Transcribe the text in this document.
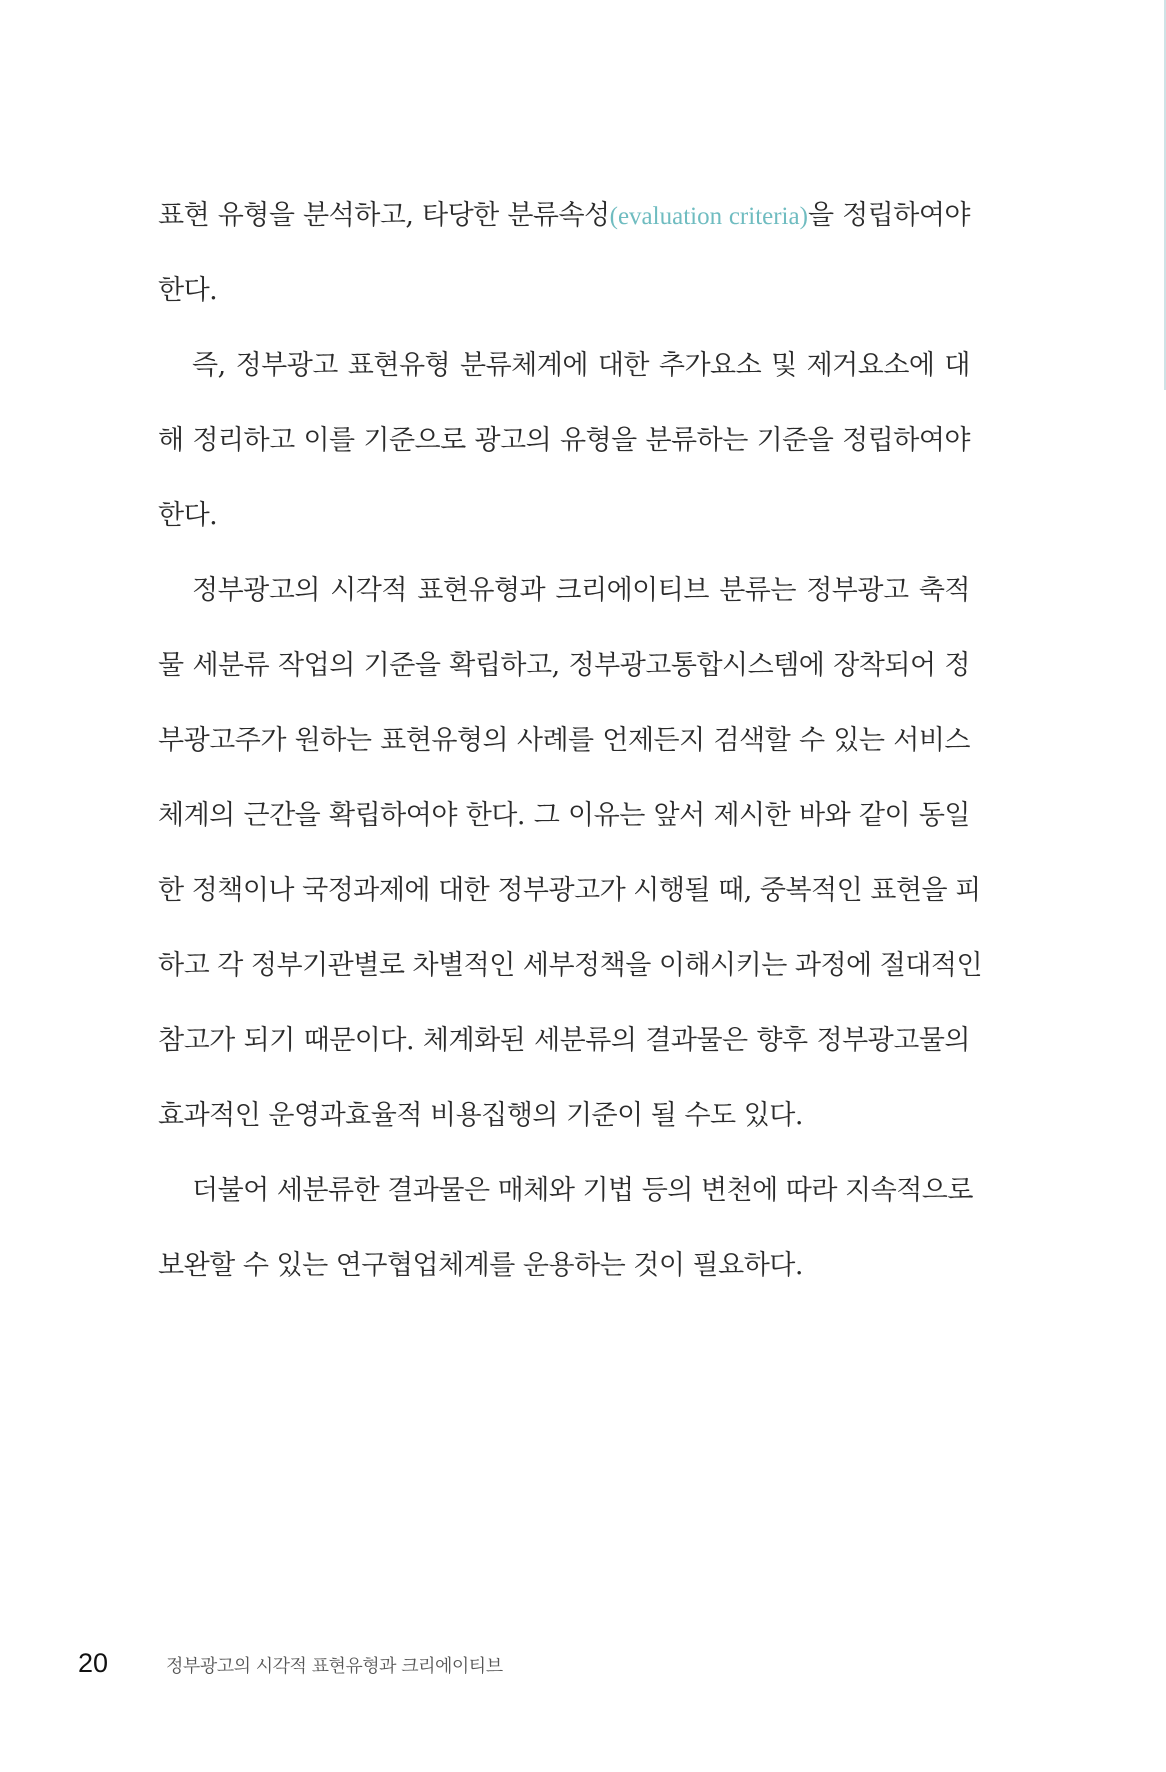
표현 유형을 분석하고, 타당한 분류속성(evaluation criteria)을 정립하여야
한다.
즉, 정부광고 표현유형 분류체계에 대한 추가요소 및 제거요소에 대
해 정리하고 이를 기준으로 광고의 유형을 분류하는 기준을 정립하여야
한다.
정부광고의 시각적 표현유형과 크리에이티브 분류는 정부광고 축적
물 세분류 작업의 기준을 확립하고, 정부광고통합시스템에 장착되어 정
부광고주가 원하는 표현유형의 사례를 언제든지 검색할 수 있는 서비스
체계의 근간을 확립하여야 한다. 그 이유는 앞서 제시한 바와 같이 동일
한 정책이나 국정과제에 대한 정부광고가 시행될 때, 중복적인 표현을 피
하고 각 정부기관별로 차별적인 세부정책을 이해시키는 과정에 절대적인
참고가 되기 때문이다. 체계화된 세분류의 결과물은 향후 정부광고물의
효과적인 운영과효율적 비용집행의 기준이 될 수도 있다.
더불어 세분류한 결과물은 매체와 기법 등의 변천에 따라 지속적으로
보완할 수 있는 연구협업체계를 운용하는 것이 필요하다.
20	정부광고의 시각적 표현유형과 크리에이티브
